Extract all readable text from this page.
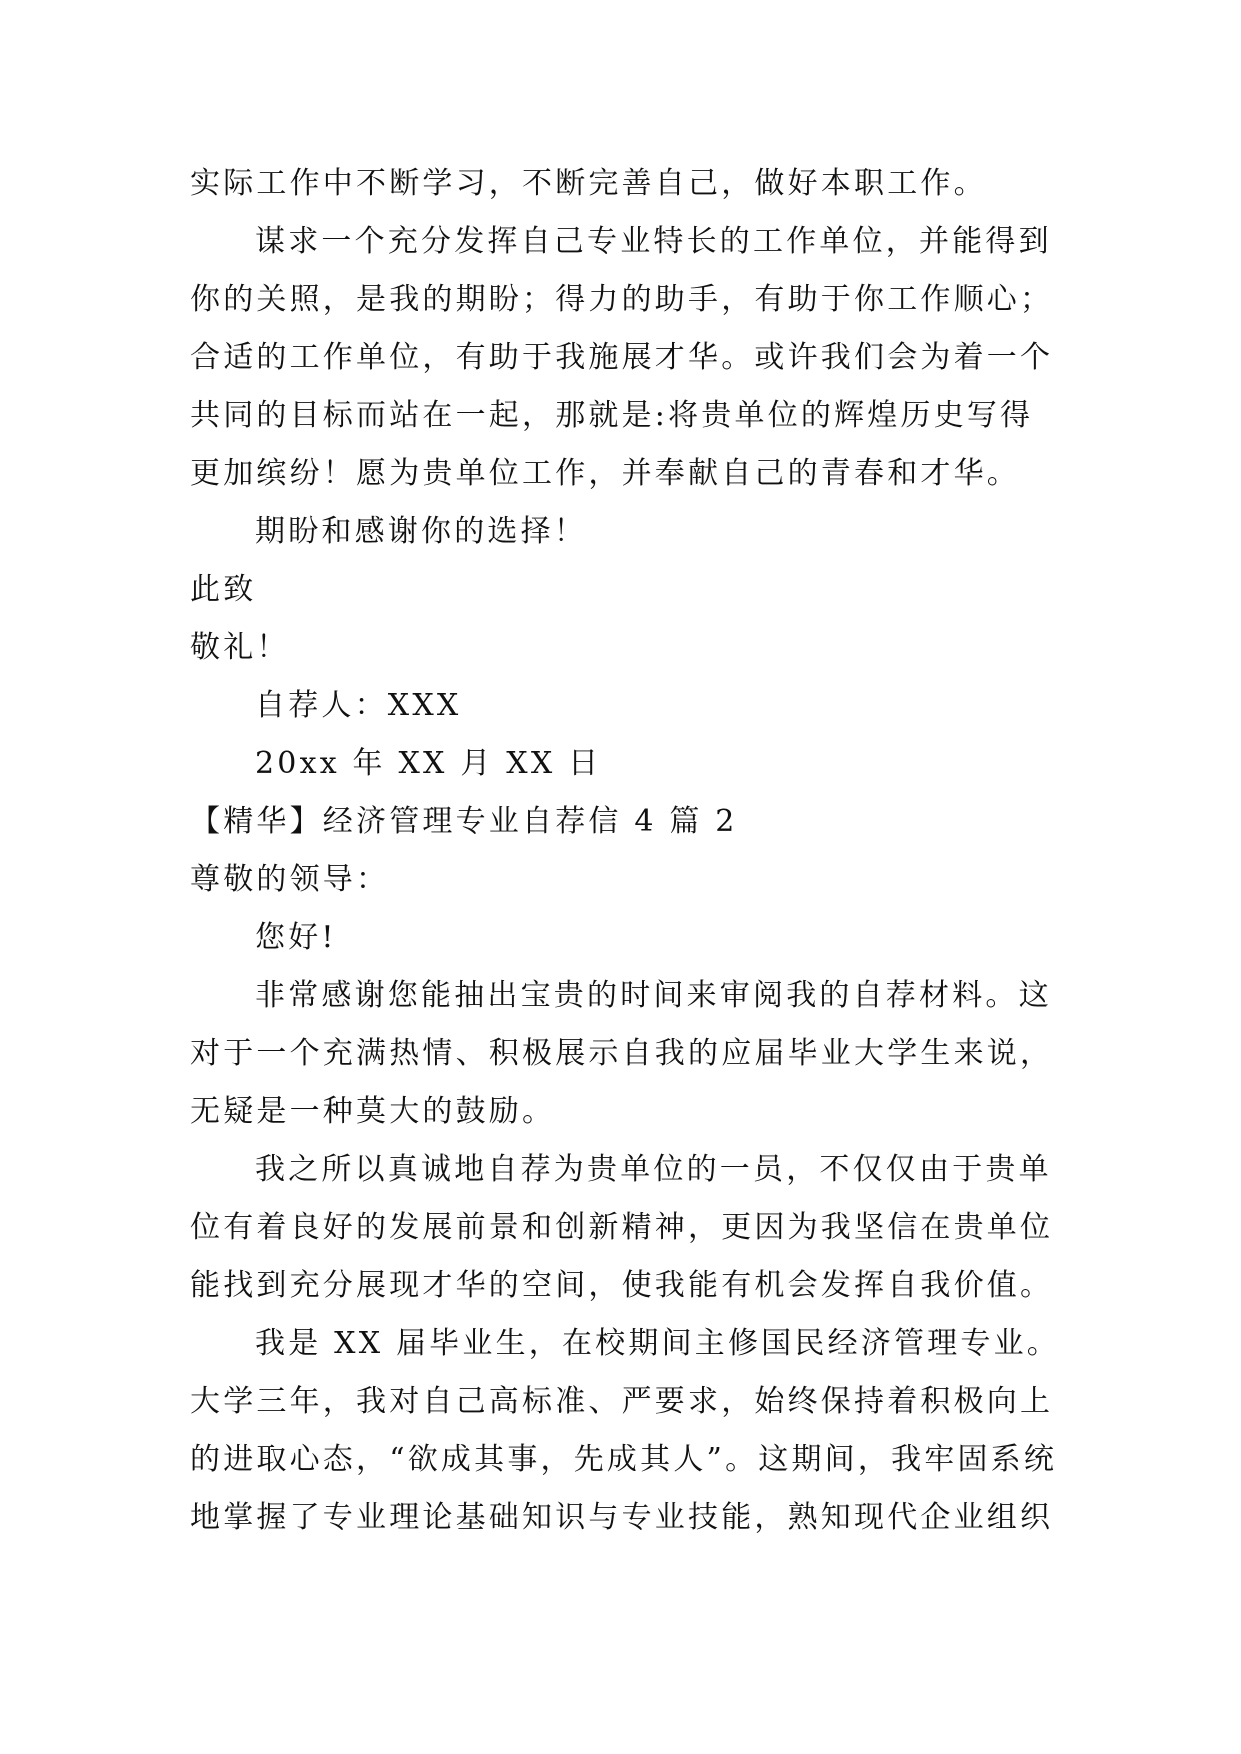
实际工作中不断学习，不断完善自己，做好本职工作。
谋求一个充分发挥自己专业特长的工作单位，并能得到
你的关照，是我的期盼；得力的助手，有助于你工作顺心；
合适的工作单位，有助于我施展才华。或许我们会为着一个
共同的目标而站在一起，那就是:将贵单位的辉煌历史写得
更加缤纷！愿为贵单位工作，并奉献自己的青春和才华。
期盼和感谢你的选择！
此致
敬礼！
自荐人：XXX
20xx 年 XX 月 XX 日
【精华】经济管理专业自荐信 4 篇 2
尊敬的领导：
您好!
非常感谢您能抽出宝贵的时间来审阅我的自荐材料。这
对于一个充满热情、积极展示自我的应届毕业大学生来说，
无疑是一种莫大的鼓励。
我之所以真诚地自荐为贵单位的一员，不仅仅由于贵单
位有着良好的发展前景和创新精神，更因为我坚信在贵单位
能找到充分展现才华的空间，使我能有机会发挥自我价值。
我是 XX 届毕业生，在校期间主修国民经济管理专业。
大学三年，我对自己高标准、严要求，始终保持着积极向上
的进取心态，“欲成其事，先成其人”。这期间，我牢固系统
地掌握了专业理论基础知识与专业技能，熟知现代企业组织
